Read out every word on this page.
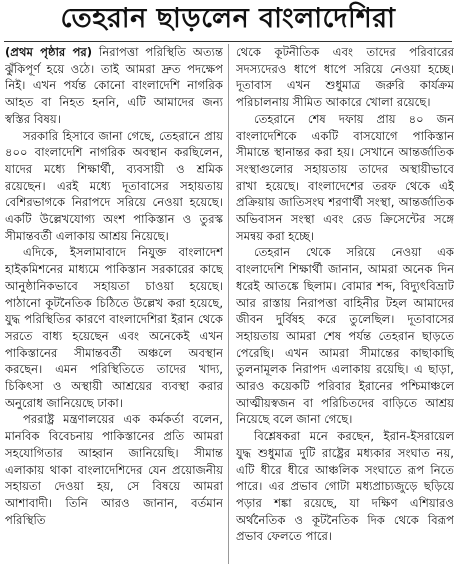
তেহরান ছাড়লেন বাংলাদেশিরা

(প্রথম পৃষ্ঠার পর) নিরাপত্তা পরিস্থিতি অত্যন্ত ঝুঁকিপূর্ণ হয়ে ওঠে। তাই আমরা দ্রুত পদক্ষেপ নিই। এখন পর্যন্ত কোনো বাংলাদেশি নাগরিক আহত বা নিহত হননি, এটি আমাদের জন্য স্বস্তির বিষয়।

সরকারি হিসাবে জানা গেছে, তেহরানে প্রায় ৪০০ বাংলাদেশি নাগরিক অবস্থান করছিলেন, যাদের মধ্যে শিক্ষার্থী, ব্যবসায়ী ও শ্রমিক রয়েছেন। এরই মধ্যে দূতাবাসের সহায়তায় বেশিরভাগকে নিরাপদে সরিয়ে নেওয়া হয়েছে। একটি উল্লেখযোগ্য অংশ পাকিস্তান ও তুরস্ক সীমান্তবর্তী এলাকায় আশ্রয় নিয়েছে।

এদিকে, ইসলামাবাদে নিযুক্ত বাংলাদেশ হাইকমিশনের মাধ্যমে পাকিস্তান সরকারের কাছে আনুষ্ঠানিকভাবে সহায়তা চাওয়া হয়েছে। পাঠানো কূটনৈতিক চিঠিতে উল্লেখ করা হয়েছে, যুদ্ধ পরিস্থিতির কারণে বাংলাদেশিরা ইরান থেকে সরতে বাধ্য হয়েছেন এবং অনেকেই এখন পাকিস্তানের সীমান্তবর্তী অঞ্চলে অবস্থান করছেন। এমন পরিস্থিতিতে তাদের খাদ্য, চিকিৎসা ও অস্থায়ী আশ্রয়ের ব্যবস্থা করার অনুরোধ জানিয়েছে ঢাকা।

পররাষ্ট্র মন্ত্রণালয়ের এক কর্মকর্তা বলেন, মানবিক বিবেচনায় পাকিস্তানের প্রতি আমরা সহযোগিতার আহ্বান জানিয়েছি। সীমান্ত এলাকায় থাকা বাংলাদেশিদের যেন প্রয়োজনীয় সহায়তা দেওয়া হয়, সে বিষয়ে আমরা আশাবাদী। তিনি আরও জানান, বর্তমান পরিস্থিতি

থেকে কূটনীতিক এবং তাদের পরিবারের সদস্যদেরও ধাপে ধাপে সরিয়ে নেওয়া হচ্ছে। দূতাবাস এখন শুধুমাত্র জরুরি কার্যক্রম পরিচালনায় সীমিত আকারে খোলা রয়েছে।

তেহরানে শেষ দফায় প্রায় ৪০ জন বাংলাদেশিকে একটি বাসযোগে পাকিস্তান সীমান্তে স্থানান্তর করা হয়। সেখানে আন্তর্জাতিক সংস্থাগুলোর সহায়তায় তাদের অস্থায়ীভাবে রাখা হয়েছে। বাংলাদেশের তরফ থেকে এই প্রক্রিয়ায় জাতিসংঘ শরণার্থী সংস্থা, আন্তর্জাতিক অভিবাসন সংস্থা এবং রেড ক্রিসেন্টের সঙ্গে সমন্বয় করা হচ্ছে।

তেহরান থেকে সরিয়ে নেওয়া এক বাংলাদেশি শিক্ষার্থী জানান, আমরা অনেক দিন ধরেই আতঙ্কে ছিলাম। বোমার শব্দ, বিদ্যুৎবিভ্রাট আর রাস্তায় নিরাপত্তা বাহিনীর টহল আমাদের জীবন দুর্বিষহ করে তুলেছিল। দূতাবাসের সহায়তায় আমরা শেষ পর্যন্ত তেহরান ছাড়তে পেরেছি। এখন আমরা সীমান্তের কাছাকাছি তুলনামূলক নিরাপদ এলাকায় রয়েছি। এ ছাড়া, আরও কয়েকটি পরিবার ইরানের পশ্চিমাঞ্চলে আত্মীয়স্বজন বা পরিচিতদের বাড়িতে আশ্রয় নিয়েছে বলে জানা গেছে।

বিশ্লেষকরা মনে করছেন, ইরান-ইসরায়েল যুদ্ধ শুধুমাত্র দুটি রাষ্ট্রের মধ্যকার সংঘাত নয়, এটি ধীরে ধীরে আঞ্চলিক সংঘাতে রূপ নিতে পারে। এর প্রভাব গোটা মধ্যপ্রাচ্যজুড়ে ছড়িয়ে পড়ার শঙ্কা রয়েছে, যা দক্ষিণ এশিয়ারও অর্থনৈতিক ও কূটনৈতিক দিক থেকে বিরূপ প্রভাব ফেলতে পারে।
